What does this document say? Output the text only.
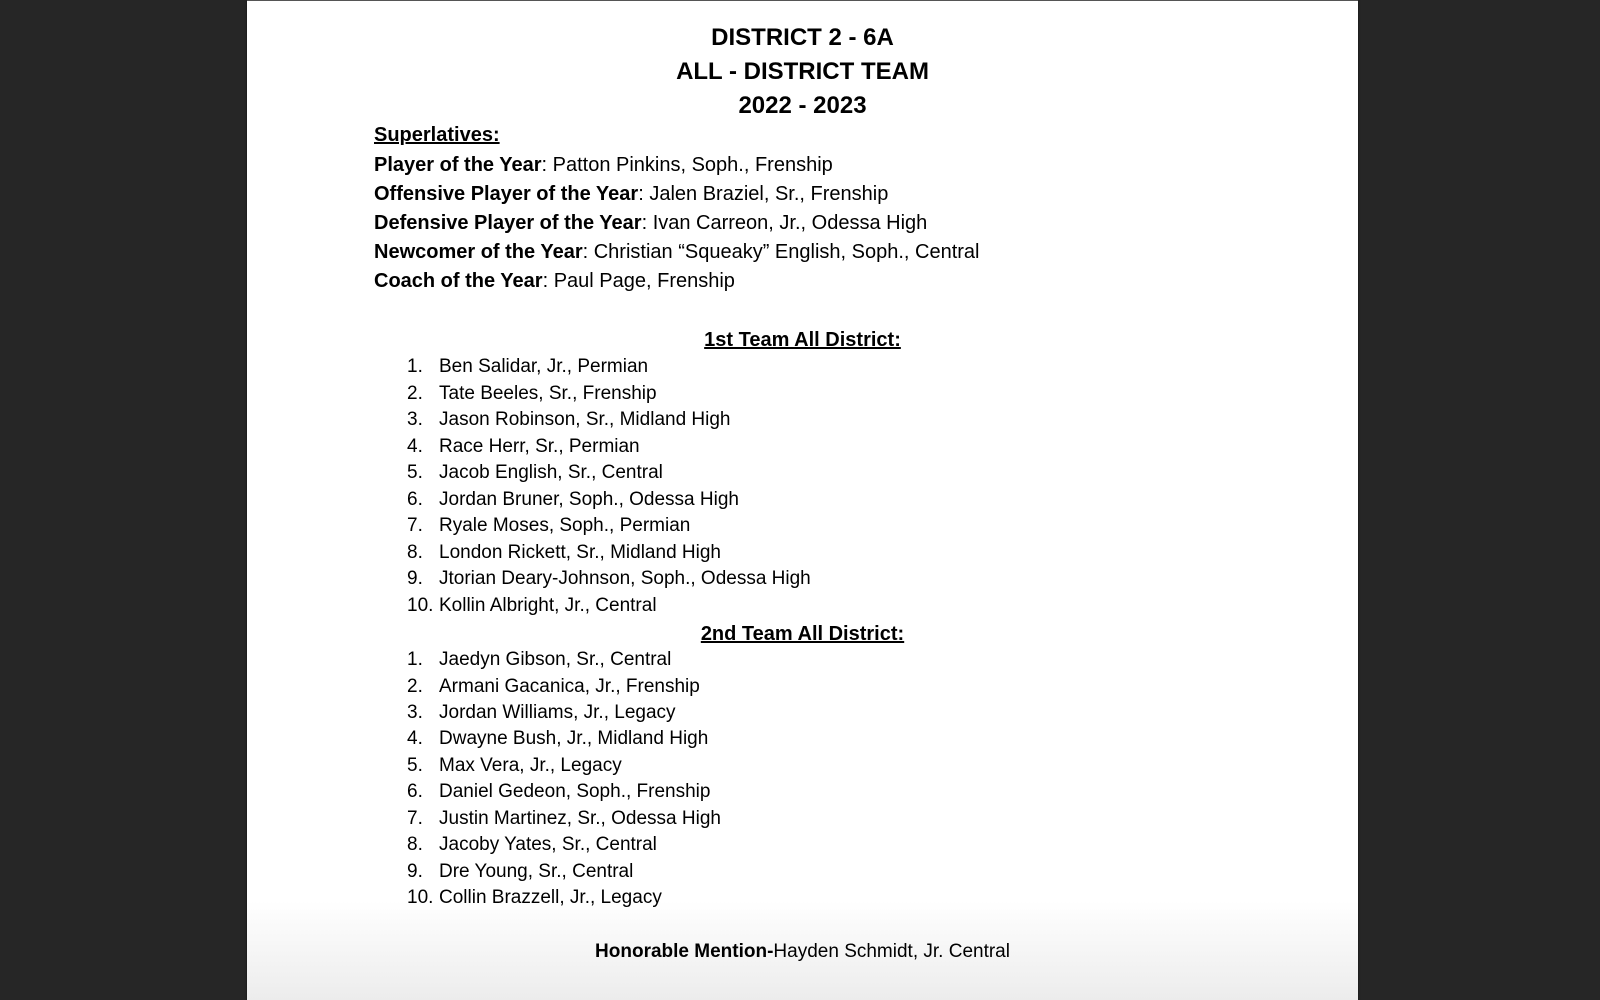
DISTRICT 2 - 6A
ALL - DISTRICT TEAM
2022 - 2023
Superlatives:
Player of the Year: Patton Pinkins, Soph., Frenship
Offensive Player of the Year: Jalen Braziel, Sr., Frenship
Defensive Player of the Year: Ivan Carreon, Jr., Odessa High
Newcomer of the Year: Christian “Squeaky” English, Soph., Central
Coach of the Year: Paul Page, Frenship
1st Team All District:
1. Ben Salidar, Jr., Permian
2. Tate Beeles, Sr., Frenship
3. Jason Robinson, Sr., Midland High
4. Race Herr, Sr., Permian
5. Jacob English, Sr., Central
6. Jordan Bruner, Soph., Odessa High
7. Ryale Moses, Soph., Permian
8. London Rickett, Sr., Midland High
9. Jtorian Deary-Johnson, Soph., Odessa High
10. Kollin Albright, Jr., Central
2nd Team All District:
1. Jaedyn Gibson, Sr., Central
2. Armani Gacanica, Jr., Frenship
3. Jordan Williams, Jr., Legacy
4. Dwayne Bush, Jr., Midland High
5. Max Vera, Jr., Legacy
6. Daniel Gedeon, Soph., Frenship
7. Justin Martinez, Sr., Odessa High
8. Jacoby Yates, Sr., Central
9. Dre Young, Sr., Central
10. Collin Brazzell, Jr., Legacy
Honorable Mention-Hayden Schmidt, Jr. Central
